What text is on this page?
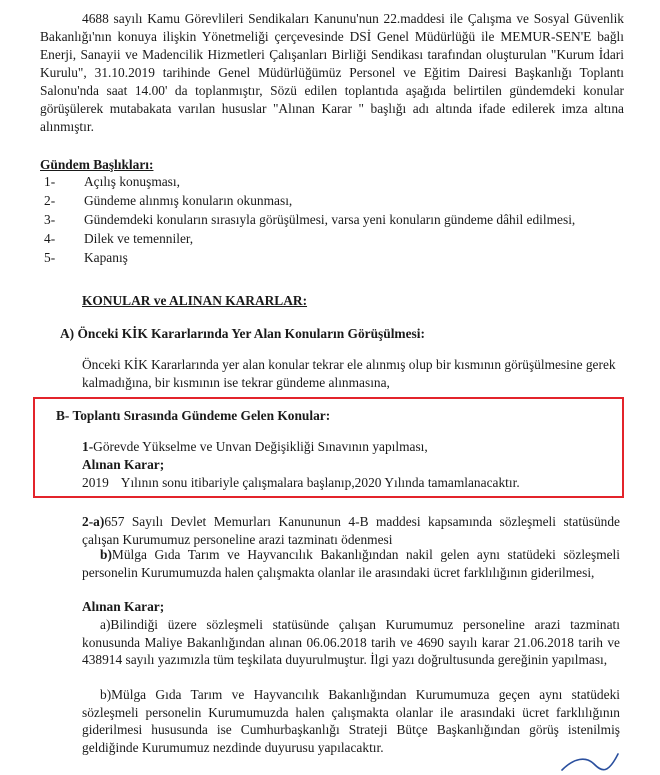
4688 sayılı Kamu Görevlileri Sendikaları Kanunu'nun 22.maddesi ile Çalışma ve Sosyal Güvenlik Bakanlığı'nın konuya ilişkin Yönetmeliği çerçevesinde DSİ Genel Müdürlüğü ile MEMUR-SEN'E bağlı Enerji, Sanayii ve Madencilik Hizmetleri Çalışanları Birliği Sendikası tarafından oluşturulan "Kurum İdari Kurulu", 31.10.2019 tarihinde Genel Müdürlüğümüz Personel ve Eğitim Dairesi Başkanlığı Toplantı Salonu'nda saat 14.00' da toplanmıştır, Sözü edilen toplantıda aşağıda belirtilen gündemdeki konular görüşülerek mutabakata varılan hususlar "Alınan Karar " başlığı adı altında ifade edilerek imza altına alınmıştır.

Gündem Başlıkları:

1- Açılış konuşması,
2- Gündeme alınmış konuların okunması,
3- Gündemdeki konuların sırasıyla görüşülmesi, varsa yeni konuların gündeme dâhil edilmesi,
4- Dilek ve temenniler,
5- Kapanış

KONULAR ve ALINAN KARARLAR:

A) Önceki KİK Kararlarında Yer Alan Konuların Görüşülmesi:

Önceki KİK Kararlarında yer alan konular tekrar ele alınmış olup bir kısmının görüşülmesine gerek kalmadığına, bir kısmının ise tekrar gündeme alınmasına,

B- Toplantı Sırasında Gündeme Gelen Konular:

1-Görevde Yükselme ve Unvan Değişikliği Sınavının yapılması,

Alınan Karar;

2019 Yılının sonu itibariyle çalışmalara başlanıp,2020 Yılında tamamlanacaktır.

2-a)657 Sayılı Devlet Memurları Kanununun 4-B maddesi kapsamında sözleşmeli statüsünde çalışan Kurumumuz personeline arazi tazminatı ödenmesi

b)Mülga Gıda Tarım ve Hayvancılık Bakanlığından nakil gelen aynı statüdeki sözleşmeli personelin Kurumumuzda halen çalışmakta olanlar ile arasındaki ücret farklılığının giderilmesi,

Alınan Karar;

a)Bilindiği üzere sözleşmeli statüsünde çalışan Kurumumuz personeline arazi tazminatı konusunda Maliye Bakanlığından alınan 06.06.2018 tarih ve 4690 sayılı karar 21.06.2018 tarih ve 438914 sayılı yazımızla tüm teşkilata duyurulmuştur. İlgi yazı doğrultusunda gereğinin yapılması,

b)Mülga Gıda Tarım ve Hayvancılık Bakanlığından Kurumumuza geçen aynı statüdeki sözleşmeli personelin Kurumumuzda halen çalışmakta olanlar ile arasındaki ücret farklılığının giderilmesi hususunda ise Cumhurbaşkanlığı Strateji Bütçe Başkanlığından görüş istenilmiş geldiğinde Kurumumuz nezdinde duyurusu yapılacaktır.
